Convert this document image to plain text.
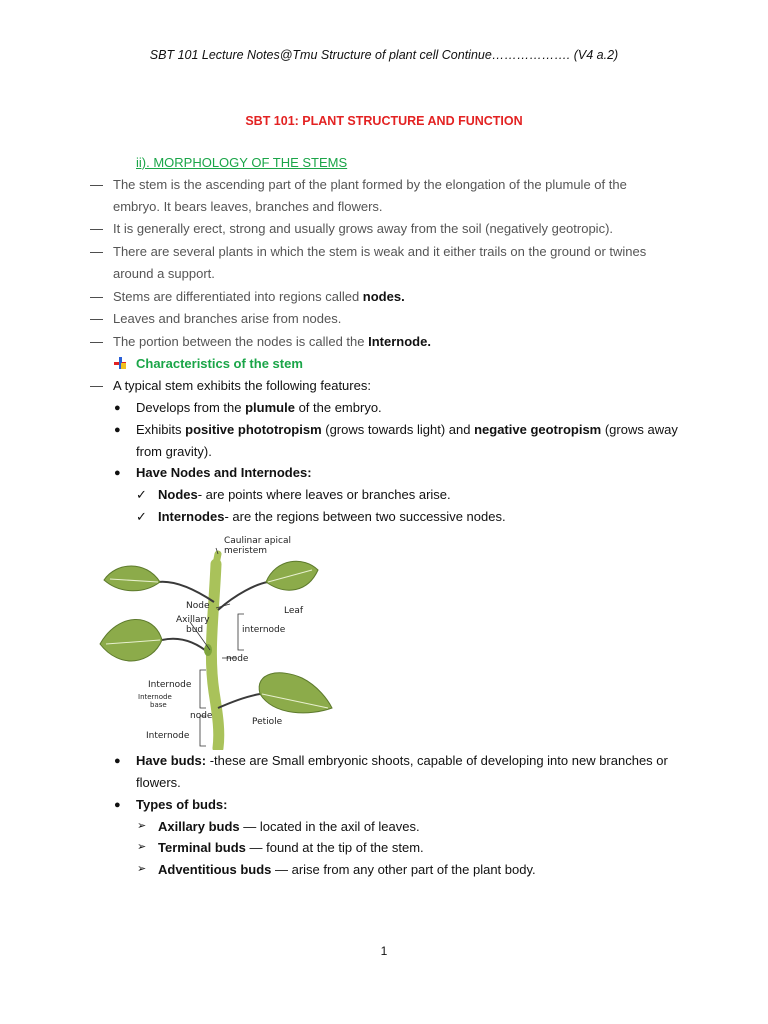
SBT 101 Lecture Notes@Tmu Structure of plant cell Continue………………. (V4 a.2)
SBT 101: PLANT STRUCTURE AND FUNCTION
ii). MORPHOLOGY OF THE STEMS
— The stem is the ascending part of the plant formed by the elongation of the plumule of the
embryo. It bears leaves, branches and flowers.
— It is generally erect, strong and usually grows away from the soil (negatively geotropic).
— There are several plants in which the stem is weak and it either trails on the ground or twines
around a support.
— Stems are differentiated into regions called nodes.
— Leaves and branches arise from nodes.
— The portion between the nodes is called the Internode.
Characteristics of the stem
— A typical stem exhibits the following features:
● Develops from the plumule of the embryo.
● Exhibits positive phototropism (grows towards light) and negative geotropism (grows away
from gravity).
● Have Nodes and Internodes:
✓ Nodes- are points where leaves or branches arise.
✓ Internodes- are the regions between two successive nodes.
Caulinar apical
meristem
Node	Leaf
Axillary
bud	internode
node
Internode
Internode
base
node
Petiole
Internode
● Have buds: -these are Small embryonic shoots, capable of developing into new branches or
flowers.
● Types of buds:
➢ Axillary buds — located in the axil of leaves.
➢ Terminal buds — found at the tip of the stem.
➢ Adventitious buds — arise from any other part of the plant body.
1
